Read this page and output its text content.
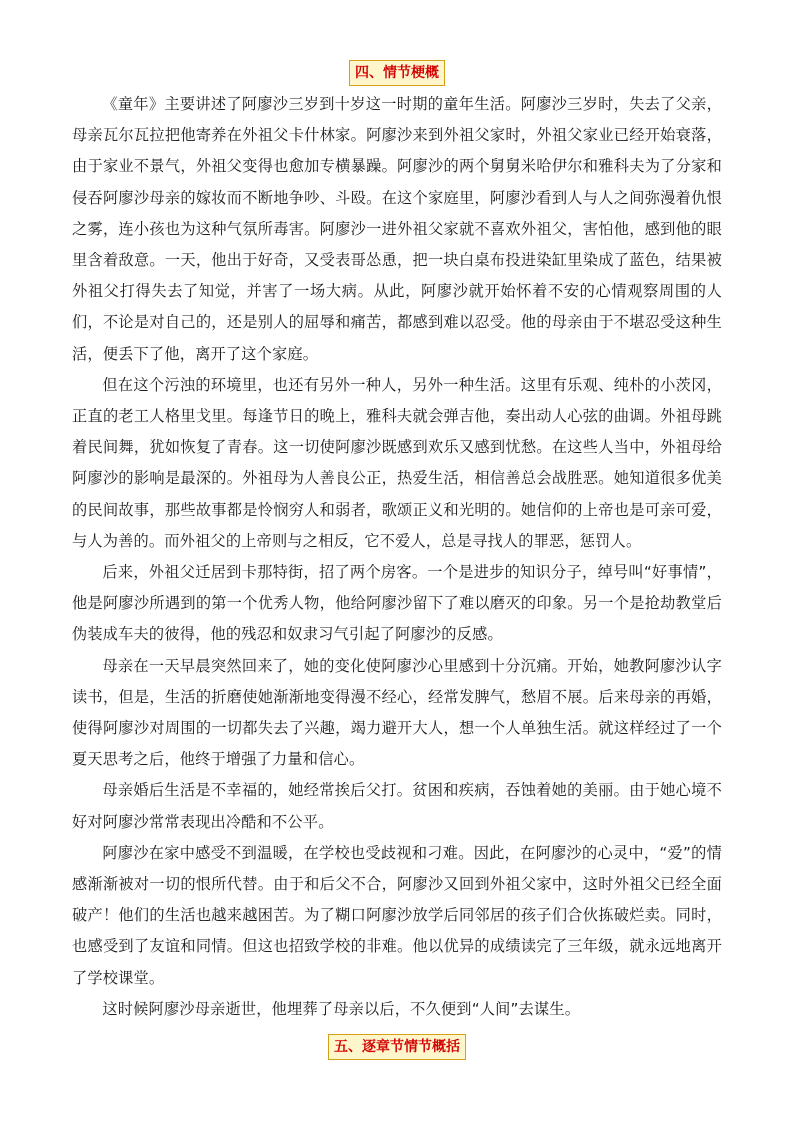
四、情节梗概

《童年》主要讲述了阿廖沙三岁到十岁这一时期的童年生活。阿廖沙三岁时，失去了父亲，母亲瓦尔瓦拉把他寄养在外祖父卡什林家。阿廖沙来到外祖父家时，外祖父家业已经开始衰落，由于家业不景气，外祖父变得也愈加专横暴躁。阿廖沙的两个舅舅米哈伊尔和雅科夫为了分家和侵吞阿廖沙母亲的嫁妆而不断地争吵、斗殴。在这个家庭里，阿廖沙看到人与人之间弥漫着仇恨之雾，连小孩也为这种气氛所毒害。阿廖沙一进外祖父家就不喜欢外祖父，害怕他，感到他的眼里含着敌意。一天，他出于好奇，又受表哥怂恿，把一块白桌布投进染缸里染成了蓝色，结果被外祖父打得失去了知觉，并害了一场大病。从此，阿廖沙就开始怀着不安的心情观察周围的人们，不论是对自己的，还是别人的屈辱和痛苦，都感到难以忍受。他的母亲由于不堪忍受这种生活，便丢下了他，离开了这个家庭。

但在这个污浊的环境里，也还有另外一种人，另外一种生活。这里有乐观、纯朴的小茨冈，正直的老工人格里戈里。每逢节日的晚上，雅科夫就会弹吉他，奏出动人心弦的曲调。外祖母跳着民间舞，犹如恢复了青春。这一切使阿廖沙既感到欢乐又感到忧愁。在这些人当中，外祖母给阿廖沙的影响是最深的。外祖母为人善良公正，热爱生活，相信善总会战胜恶。她知道很多优美的民间故事，那些故事都是怜悯穷人和弱者，歌颂正义和光明的。她信仰的上帝也是可亲可爱，与人为善的。而外祖父的上帝则与之相反，它不爱人，总是寻找人的罪恶，惩罚人。

后来，外祖父迁居到卡那特街，招了两个房客。一个是进步的知识分子，绰号叫“好事情”，他是阿廖沙所遇到的第一个优秀人物，他给阿廖沙留下了难以磨灭的印象。另一个是抢劫教堂后伪装成车夫的彼得，他的残忍和奴隶习气引起了阿廖沙的反感。

母亲在一天早晨突然回来了，她的变化使阿廖沙心里感到十分沉痛。开始，她教阿廖沙认字读书，但是，生活的折磨使她渐渐地变得漫不经心，经常发脾气，愁眉不展。后来母亲的再婚，使得阿廖沙对周围的一切都失去了兴趣，竭力避开大人，想一个人单独生活。就这样经过了一个夏天思考之后，他终于增强了力量和信心。

母亲婚后生活是不幸福的，她经常挨后父打。贫困和疾病，吞蚀着她的美丽。由于她心境不好对阿廖沙常常表现出冷酷和不公平。

阿廖沙在家中感受不到温暖，在学校也受歧视和刁难。因此，在阿廖沙的心灵中，“爱”的情感渐渐被对一切的恨所代替。由于和后父不合，阿廖沙又回到外祖父家中，这时外祖父已经全面破产！他们的生活也越来越困苦。为了糊口阿廖沙放学后同邻居的孩子们合伙拣破烂卖。同时，也感受到了友谊和同情。但这也招致学校的非难。他以优异的成绩读完了三年级，就永远地离开了学校课堂。

这时候阿廖沙母亲逝世，他埋葬了母亲以后，不久便到“人间”去谋生。

五、逐章节情节概括
